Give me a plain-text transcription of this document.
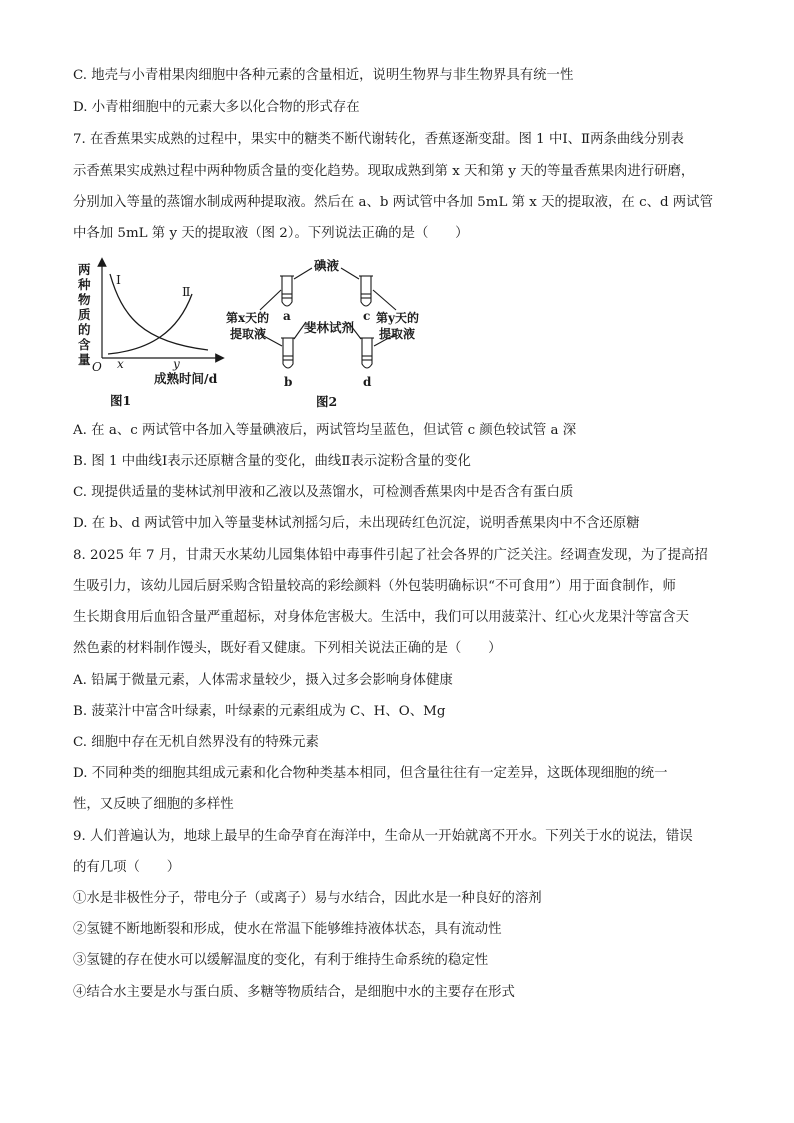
C. 地壳与小青柑果肉细胞中各种元素的含量相近，说明生物界与非生物界具有统一性
D. 小青柑细胞中的元素大多以化合物的形式存在
7. 在香蕉果实成熟的过程中，果实中的糖类不断代谢转化，香蕉逐渐变甜。图 1 中Ⅰ、Ⅱ两条曲线分别表
示香蕉果实成熟过程中两种物质含量的变化趋势。现取成熟到第 x 天和第 y 天的等量香蕉果肉进行研磨，
分别加入等量的蒸馏水制成两种提取液。然后在 a、b 两试管中各加 5mL 第 x 天的提取液，在 c、d 两试管
中各加 5mL 第 y 天的提取液（图 2）。下列说法正确的是（　　）
两
种
物
质
的
含
量
Ⅰ
Ⅱ
O x	y
成熟时间/d
图1
碘液
斐林试剂
第x天的
提取液
第y天的
提取液
a	c
b	d
图2
A. 在 a、c 两试管中各加入等量碘液后，两试管均呈蓝色，但试管 c 颜色较试管 a 深
B. 图 1 中曲线Ⅰ表示还原糖含量的变化，曲线Ⅱ表示淀粉含量的变化
C. 现提供适量的斐林试剂甲液和乙液以及蒸馏水，可检测香蕉果肉中是否含有蛋白质
D. 在 b、d 两试管中加入等量斐林试剂摇匀后，未出现砖红色沉淀，说明香蕉果肉中不含还原糖
8. 2025 年 7 月，甘肃天水某幼儿园集体铅中毒事件引起了社会各界的广泛关注。经调查发现，为了提高招
生吸引力，该幼儿园后厨采购含铅量较高的彩绘颜料（外包装明确标识“不可食用”）用于面食制作，师
生长期食用后血铅含量严重超标，对身体危害极大。生活中，我们可以用菠菜汁、红心火龙果汁等富含天
然色素的材料制作馒头，既好看又健康。下列相关说法正确的是（　　）
A. 铅属于微量元素，人体需求量较少，摄入过多会影响身体健康
B. 菠菜汁中富含叶绿素，叶绿素的元素组成为 C、H、O、Mg
C. 细胞中存在无机自然界没有的特殊元素
D. 不同种类的细胞其组成元素和化合物种类基本相同，但含量往往有一定差异，这既体现细胞的统一
性，又反映了细胞的多样性
9. 人们普遍认为，地球上最早的生命孕育在海洋中，生命从一开始就离不开水。下列关于水的说法，错误
的有几项（　　）
①水是非极性分子，带电分子（或离子）易与水结合，因此水是一种良好的溶剂
②氢键不断地断裂和形成，使水在常温下能够维持液体状态，具有流动性
③氢键的存在使水可以缓解温度的变化，有利于维持生命系统的稳定性
④结合水主要是水与蛋白质、多糖等物质结合，是细胞中水的主要存在形式
